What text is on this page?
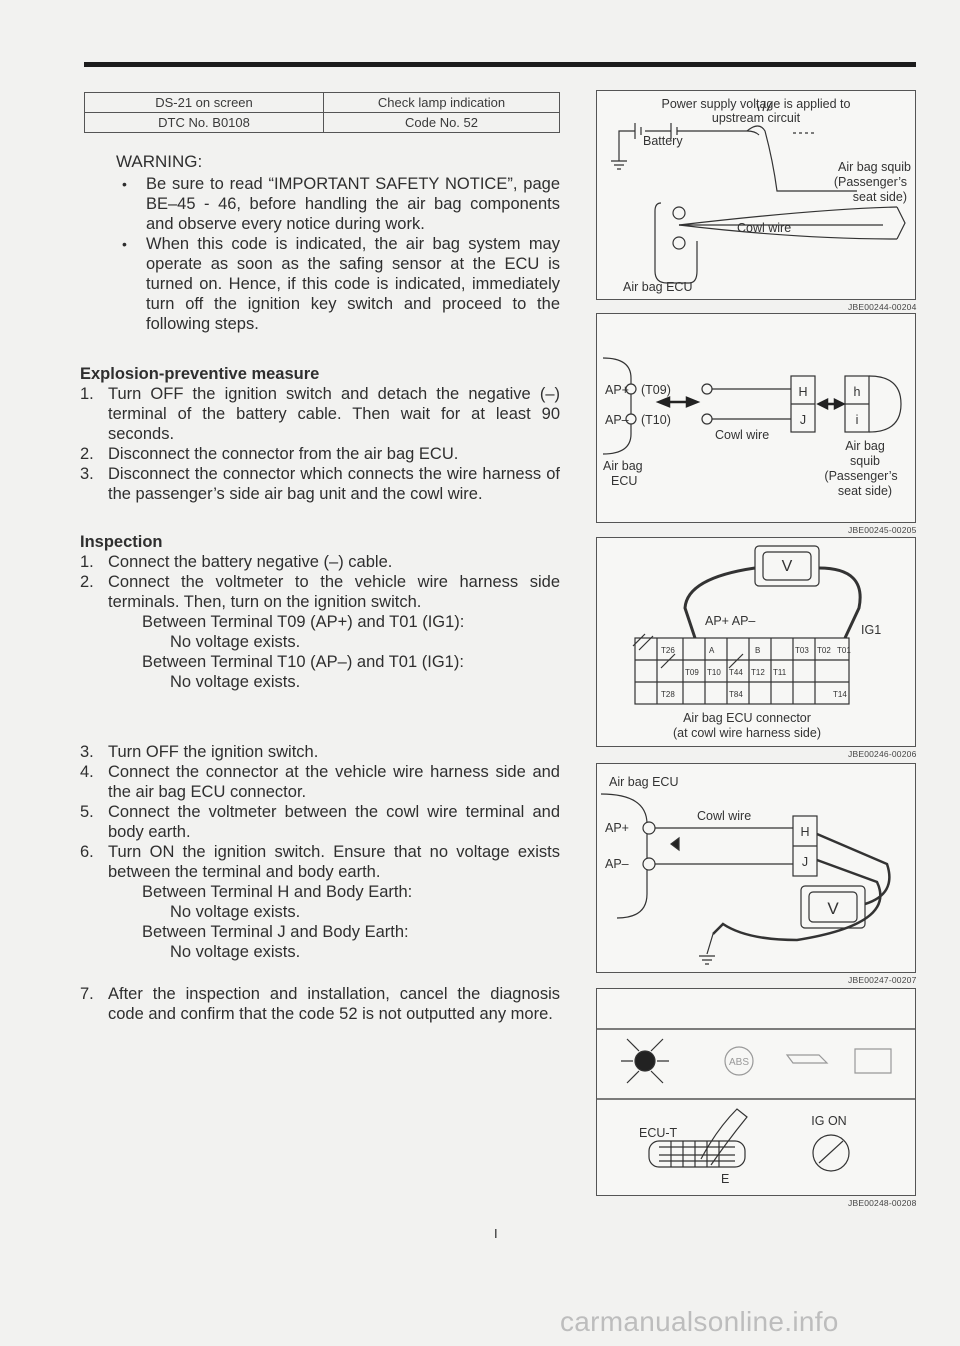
DS-21 on screen	Check lamp indication
DTC No. B0108	Code No. 52
WARNING:
• Be sure to read “IMPORTANT SAFETY NOTICE”, page BE–45 - 46, before handling the air bag components and observe every notice during work.
• When this code is indicated, the air bag system may operate as soon as the safing sensor at the ECU is turned on. Hence, if this code is indicated, immediately turn off the ignition key switch and proceed to the following steps.
Explosion-preventive measure
1. Turn OFF the ignition switch and detach the negative (–) terminal of the battery cable. Then wait for at least 90 seconds.
2. Disconnect the connector from the air bag ECU.
3. Disconnect the connector which connects the wire harness of the passenger’s side air bag unit and the cowl wire.
Inspection
1. Connect the battery negative (–) cable.
2. Connect the voltmeter to the vehicle wire harness side terminals. Then, turn on the ignition switch.
Between Terminal T09 (AP+) and T01 (IG1):
No voltage exists.
Between Terminal T10 (AP–) and T01 (IG1):
No voltage exists.
3. Turn OFF the ignition switch.
4. Connect the connector at the vehicle wire harness side and the air bag ECU connector.
5. Connect the voltmeter between the cowl wire terminal and body earth.
6. Turn ON the ignition switch. Ensure that no voltage exists between the terminal and body earth.
Between Terminal H and Body Earth:
No voltage exists.
Between Terminal J and Body Earth:
No voltage exists.
7. After the inspection and installation, cancel the diagnosis code and confirm that the code 52 is not outputted any more.
Power supply voltage is applied to
upstream circuit
Battery
Air bag squib
(Passenger’s
seat side)
Cowl wire
Air bag ECU
JBE00244-00204
AP+
AP–
(T09)
(T10)
H
J
h
i
Cowl wire
Air bag
ECU
Air bag
squib
(Passenger’s
seat side)
JBE00245-00205
V
AP+ AP–
IG1
T26	A	B	T03 T02 T01
T09 T10 T44 T12 T11
T28	T84	T14
Air bag ECU connector
(at cowl wire harness side)
JBE00246-00206
Air bag ECU
Cowl wire
AP+
AP–
H
J
V
JBE00247-00207
ABS
ECU-T
IG ON
E
JBE00248-00208
I
carmanualsonline.info
